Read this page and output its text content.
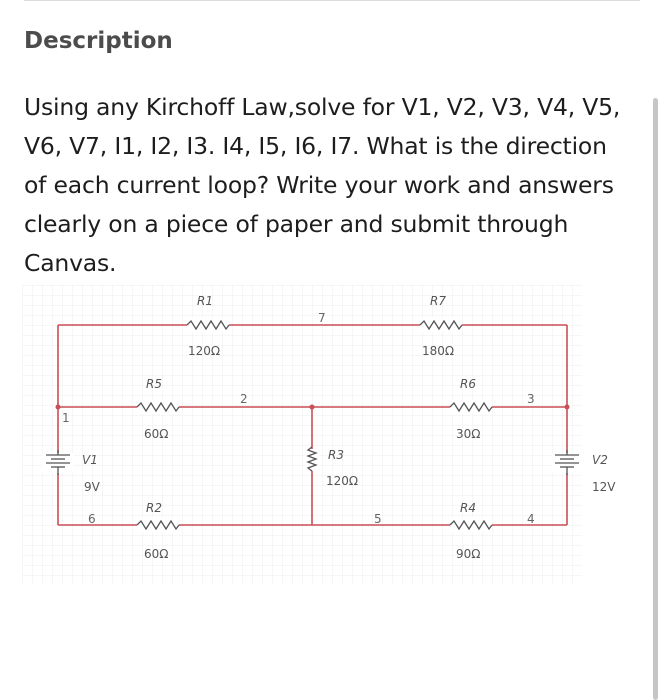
Description
Using any Kirchoff Law,solve for V1, V2, V3, V4, V5, V6, V7, I1, I2, I3. I4, I5, I6, I7. What is the direction of each current loop? Write your work and answers clearly on a piece of paper and submit through Canvas.
R1
120Ω
R7
180Ω
R5
60Ω
R6
30Ω
R3
120Ω
R2
60Ω
R4
90Ω
V1
9V
V2
12V
1
2	3
4
5
6
7
